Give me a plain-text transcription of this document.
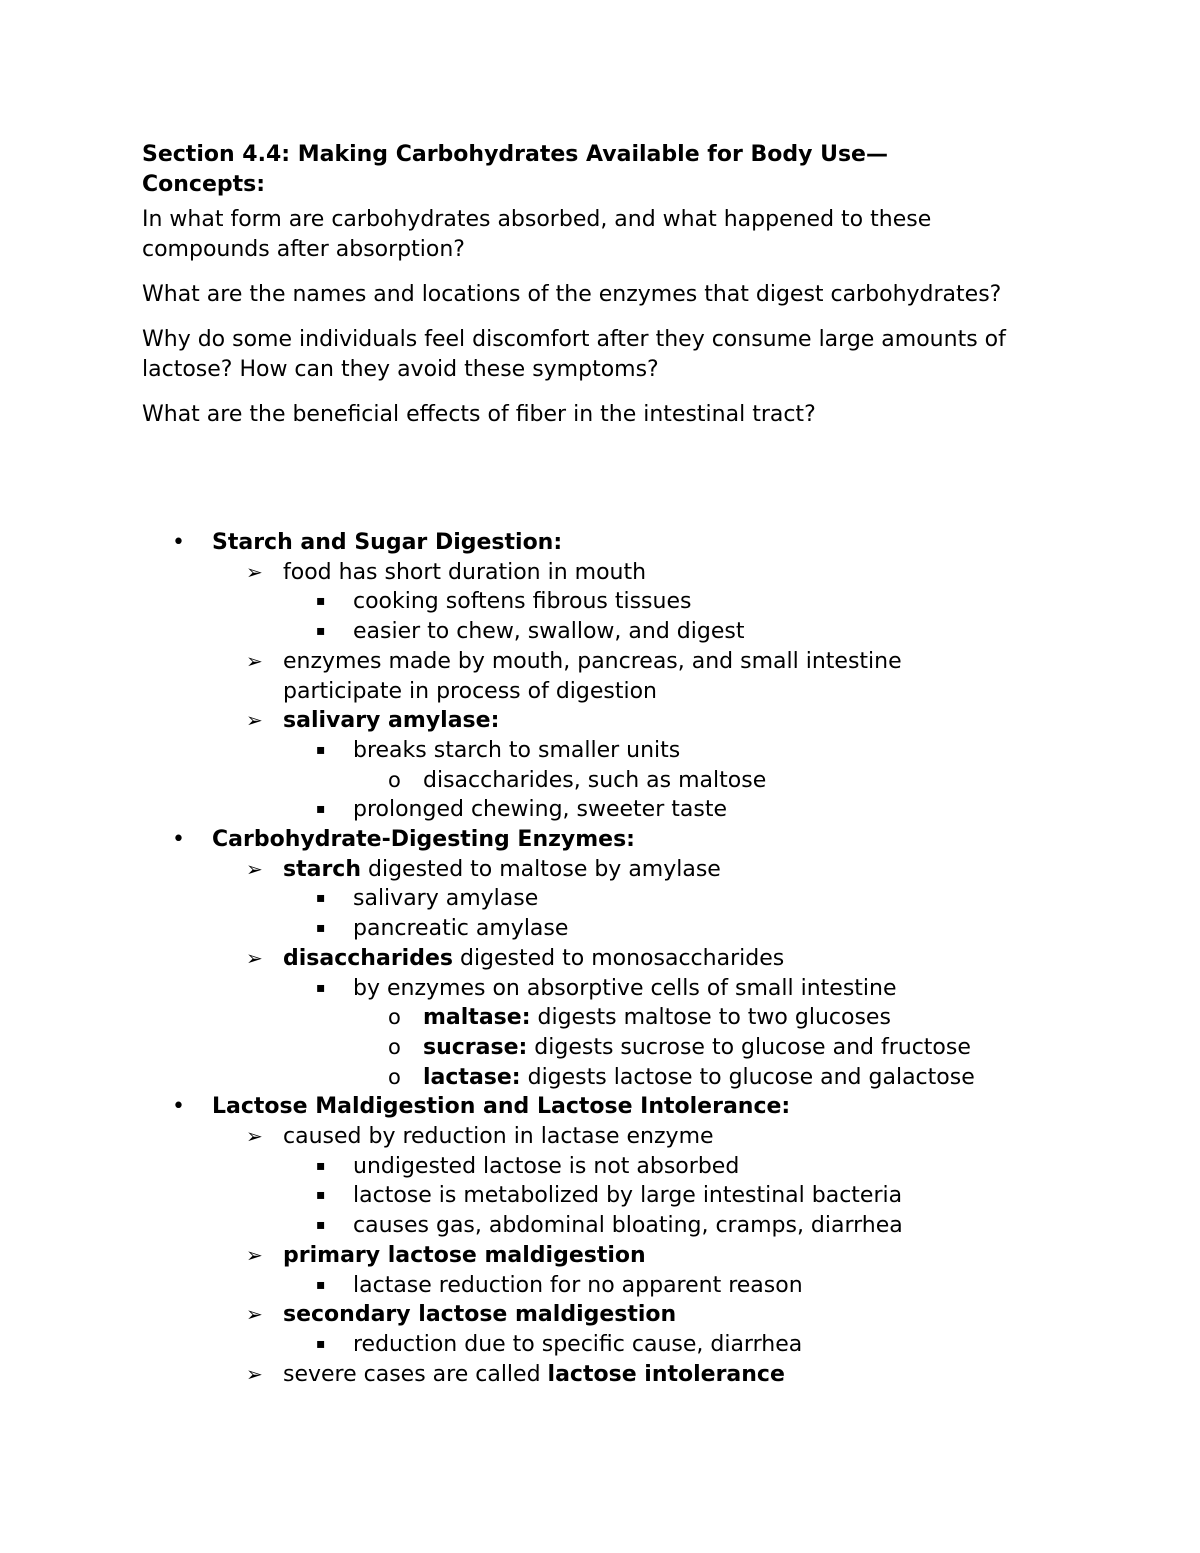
Section 4.4: Making Carbohydrates Available for Body Use—
Concepts:
In what form are carbohydrates absorbed, and what happened to these compounds after absorption?
What are the names and locations of the enzymes that digest carbohydrates?
Why do some individuals feel discomfort after they consume large amounts of lactose? How can they avoid these symptoms?
What are the beneficial effects of fiber in the intestinal tract?
• Starch and Sugar Digestion:
➢ food has short duration in mouth
▪ cooking softens fibrous tissues
▪ easier to chew, swallow, and digest
➢ enzymes made by mouth, pancreas, and small intestine participate in process of digestion
➢ salivary amylase:
▪ breaks starch to smaller units
o disaccharides, such as maltose
▪ prolonged chewing, sweeter taste
• Carbohydrate-Digesting Enzymes:
➢ starch digested to maltose by amylase
▪ salivary amylase
▪ pancreatic amylase
➢ disaccharides digested to monosaccharides
▪ by enzymes on absorptive cells of small intestine
o maltase: digests maltose to two glucoses
o sucrase: digests sucrose to glucose and fructose
o lactase: digests lactose to glucose and galactose
• Lactose Maldigestion and Lactose Intolerance:
➢ caused by reduction in lactase enzyme
▪ undigested lactose is not absorbed
▪ lactose is metabolized by large intestinal bacteria
▪ causes gas, abdominal bloating, cramps, diarrhea
➢ primary lactose maldigestion
▪ lactase reduction for no apparent reason
➢ secondary lactose maldigestion
▪ reduction due to specific cause, diarrhea
➢ severe cases are called lactose intolerance
